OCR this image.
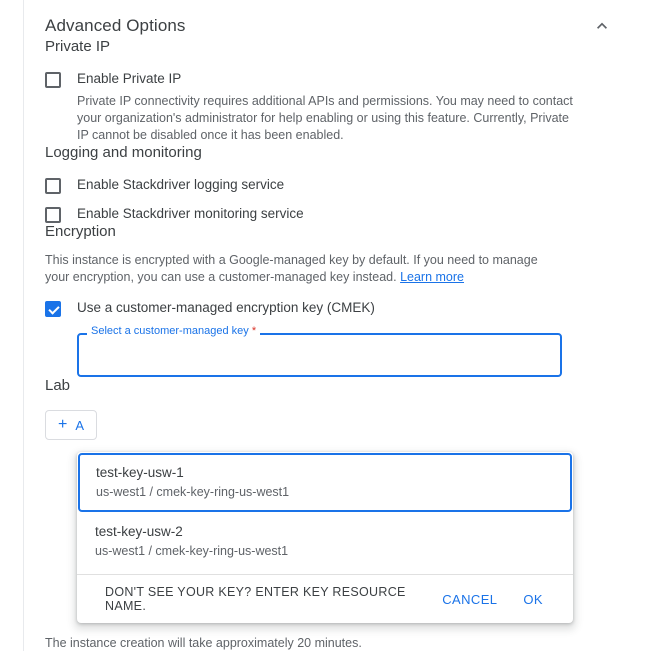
Advanced Options
Private IP
Enable Private IP
Private IP connectivity requires additional APIs and permissions. You may need to contact your organization's administrator for help enabling or using this feature. Currently, Private IP cannot be disabled once it has been enabled.
Logging and monitoring
Enable Stackdriver logging service
Enable Stackdriver monitoring service
Encryption
This instance is encrypted with a Google-managed key by default. If you need to manage your encryption, you can use a customer-managed key instead. Learn more
Use a customer-managed encryption key (CMEK)
Select a customer-managed key *
Lab
+ A
test-key-usw-1
us-west1 / cmek-key-ring-us-west1
test-key-usw-2
us-west1 / cmek-key-ring-us-west1
DON'T SEE YOUR KEY? ENTER KEY RESOURCE NAME.	CANCEL	OK
The instance creation will take approximately 20 minutes.
